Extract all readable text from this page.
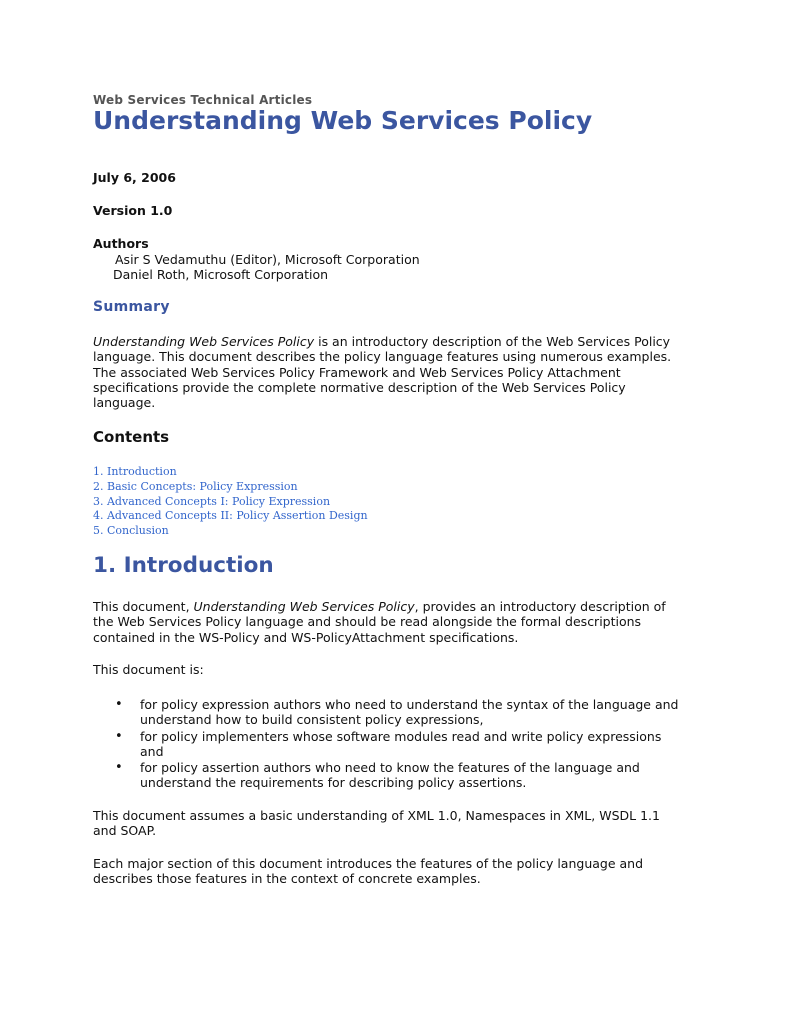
Web Services Technical Articles
Understanding Web Services Policy
July 6, 2006
Version 1.0
Authors
Asir S Vedamuthu (Editor), Microsoft Corporation
Daniel Roth, Microsoft Corporation
Summary

Understanding Web Services Policy is an introductory description of the Web Services Policy
language. This document describes the policy language features using numerous examples.
The associated Web Services Policy Framework and Web Services Policy Attachment
specifications provide the complete normative description of the Web Services Policy
language.

Contents
1. Introduction
2. Basic Concepts: Policy Expression
3. Advanced Concepts I: Policy Expression
4. Advanced Concepts II: Policy Assertion Design
5. Conclusion
1. Introduction

This document, Understanding Web Services Policy, provides an introductory description of
the Web Services Policy language and should be read alongside the formal descriptions
contained in the WS-Policy and WS-PolicyAttachment specifications.

This document is:

• for policy expression authors who need to understand the syntax of the language and
understand how to build consistent policy expressions,
• for policy implementers whose software modules read and write policy expressions
and
• for policy assertion authors who need to know the features of the language and
understand the requirements for describing policy assertions.

This document assumes a basic understanding of XML 1.0, Namespaces in XML, WSDL 1.1
and SOAP.

Each major section of this document introduces the features of the policy language and
describes those features in the context of concrete examples.
